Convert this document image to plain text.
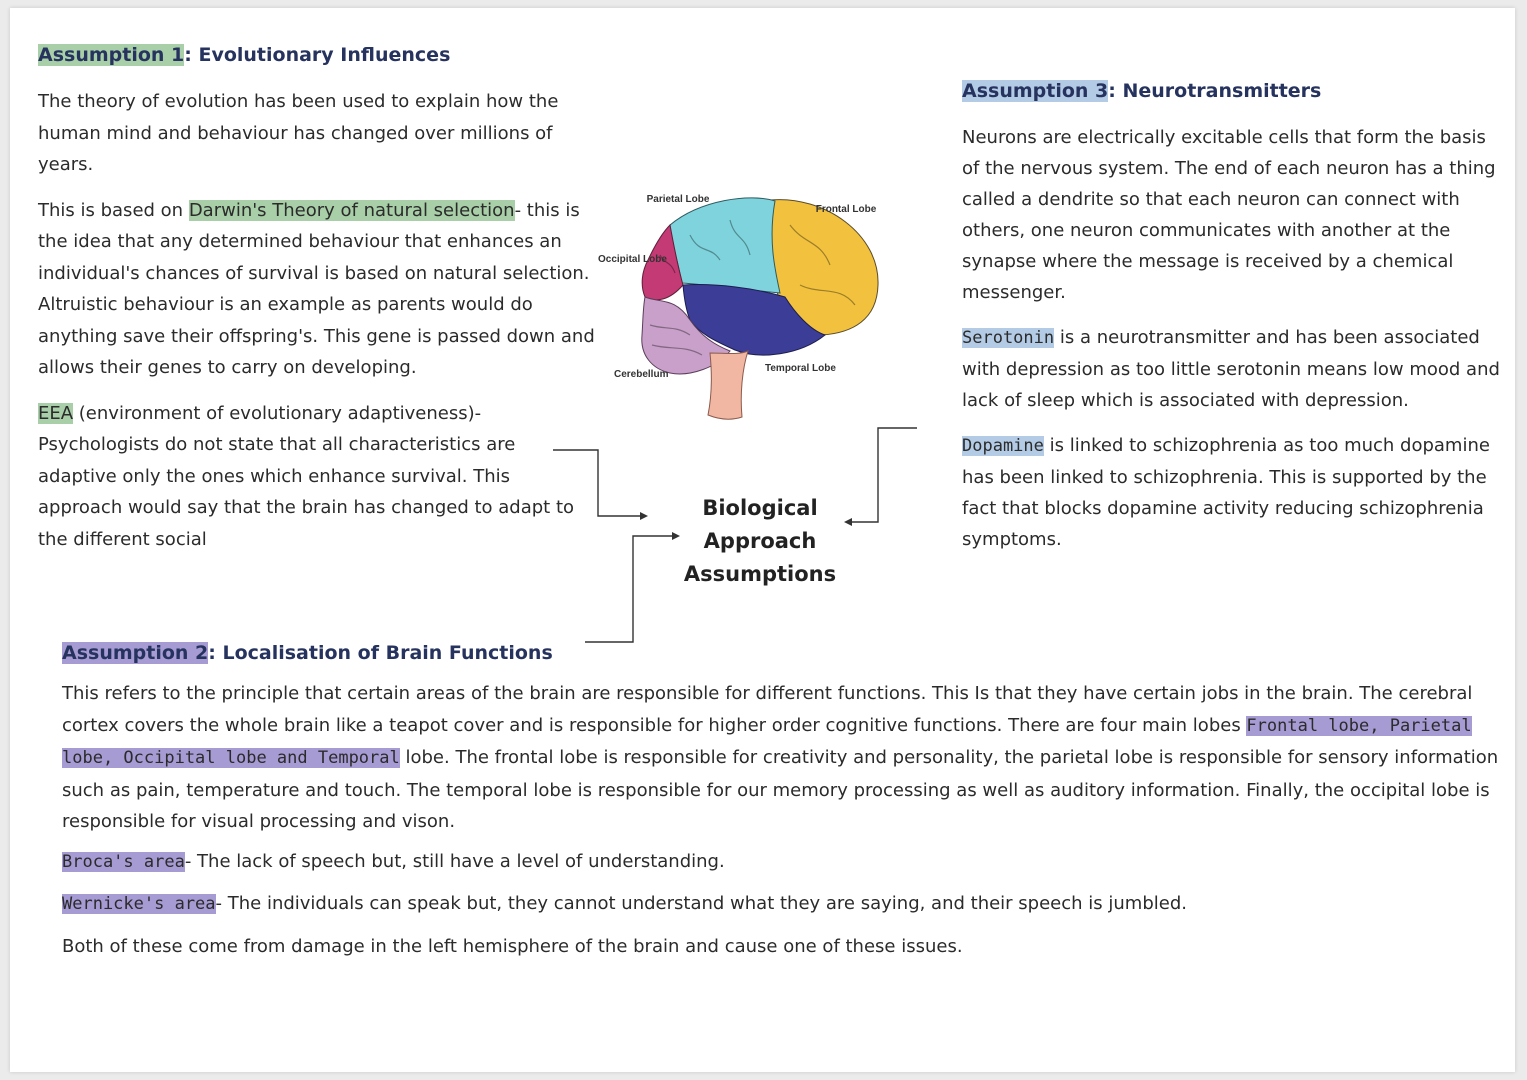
Assumption 1: Evolutionary Influences

The theory of evolution has been used to explain how the human mind and behaviour has changed over millions of years.

This is based on Darwin's Theory of natural selection- this is the idea that any determined behaviour that enhances an individual's chances of survival is based on natural selection. Altruistic behaviour is an example as parents would do anything save their offspring's. This gene is passed down and allows their genes to carry on developing.

EEA (environment of evolutionary adaptiveness)- Psychologists do not state that all characteristics are adaptive only the ones which enhance survival. This approach would say that the brain has changed to adapt to the different social

Parietal Lobe
Frontal Lobe
Occipital Lobe
Cerebellum
Temporal Lobe
Biological Approach
Assumptions
Assumption 3: Neurotransmitters

Neurons are electrically excitable cells that form the basis of the nervous system. The end of each neuron has a thing called a dendrite so that each neuron can connect with others, one neuron communicates with another at the synapse where the message is received by a chemical messenger.

Serotonin is a neurotransmitter and has been associated with depression as too little serotonin means low mood and lack of sleep which is associated with depression.

Dopamine is linked to schizophrenia as too much dopamine has been linked to schizophrenia. This is supported by the fact that blocks dopamine activity reducing schizophrenia symptoms.

Assumption 2: Localisation of Brain Functions

This refers to the principle that certain areas of the brain are responsible for different functions. This Is that they have certain jobs in the brain. The cerebral cortex covers the whole brain like a teapot cover and is responsible for higher order cognitive functions. There are four main lobes Frontal lobe, Parietal lobe, Occipital lobe and Temporal lobe. The frontal lobe is responsible for creativity and personality, the parietal lobe is responsible for sensory information such as pain, temperature and touch. The temporal lobe is responsible for our memory processing as well as auditory information. Finally, the occipital lobe is responsible for visual processing and vison.

Broca's area- The lack of speech but, still have a level of understanding.

Wernicke's area- The individuals can speak but, they cannot understand what they are saying, and their speech is jumbled.

Both of these come from damage in the left hemisphere of the brain and cause one of these issues.
